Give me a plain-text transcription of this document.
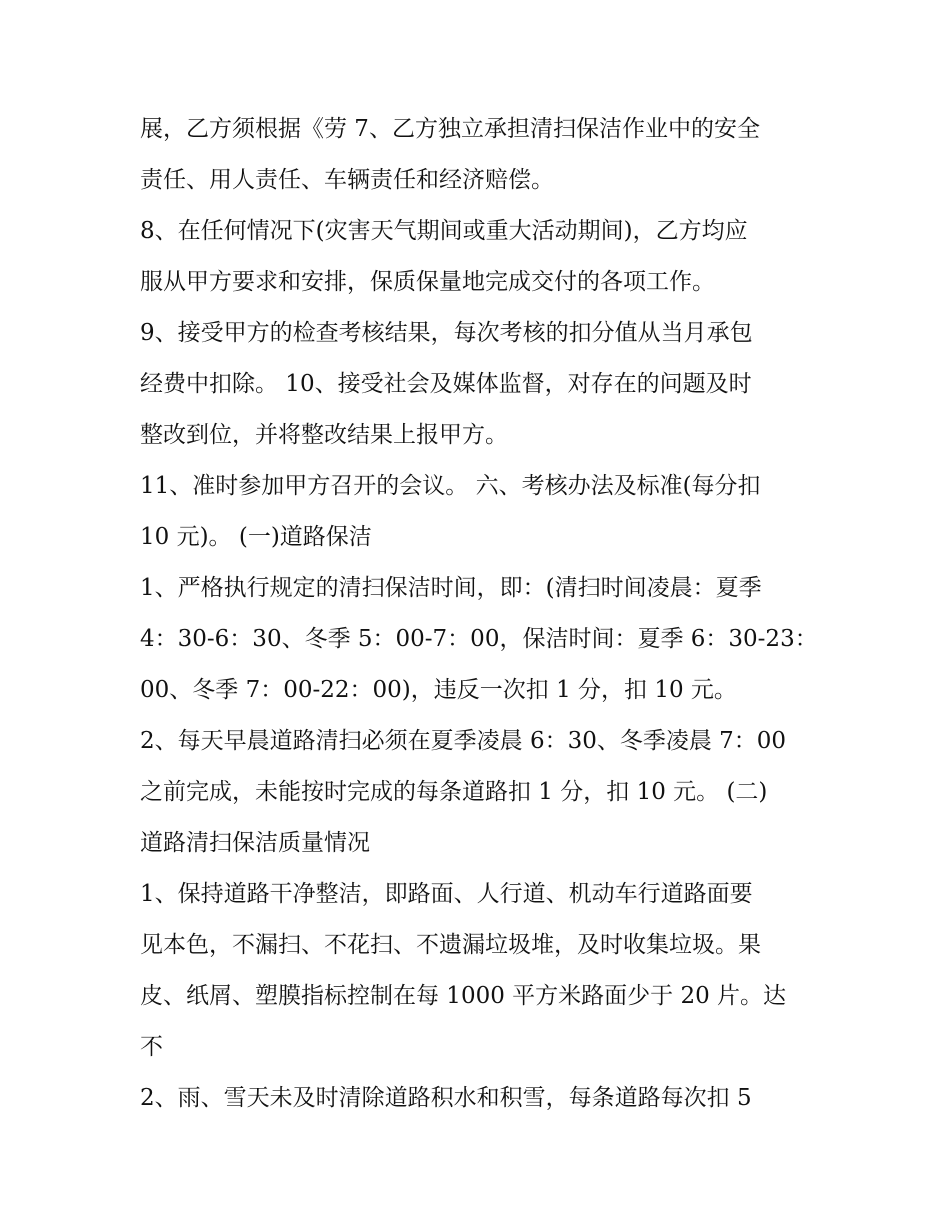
展，乙方须根据《劳 7、乙方独立承担清扫保洁作业中的安全
责任、用人责任、车辆责任和经济赔偿。
8、在任何情况下(灾害天气期间或重大活动期间)，乙方均应
服从甲方要求和安排，保质保量地完成交付的各项工作。
9、接受甲方的检查考核结果，每次考核的扣分值从当月承包
经费中扣除。 10、接受社会及媒体监督，对存在的问题及时
整改到位，并将整改结果上报甲方。
11、准时参加甲方召开的会议。 六、考核办法及标准(每分扣
10 元)。 (一)道路保洁
1、严格执行规定的清扫保洁时间，即：(清扫时间凌晨：夏季
4：30-6：30、冬季 5：00-7：00，保洁时间：夏季 6：30-23：
00、冬季 7：00-22：00)，违反一次扣 1 分，扣 10 元。
2、每天早晨道路清扫必须在夏季凌晨 6：30、冬季凌晨 7：00
之前完成，未能按时完成的每条道路扣 1 分，扣 10 元。 (二)
道路清扫保洁质量情况
1、保持道路干净整洁，即路面、人行道、机动车行道路面要
见本色，不漏扫、不花扫、不遗漏垃圾堆，及时收集垃圾。果
皮、纸屑、塑膜指标控制在每 1000 平方米路面少于 20 片。达
不
2、雨、雪天未及时清除道路积水和积雪，每条道路每次扣 5
